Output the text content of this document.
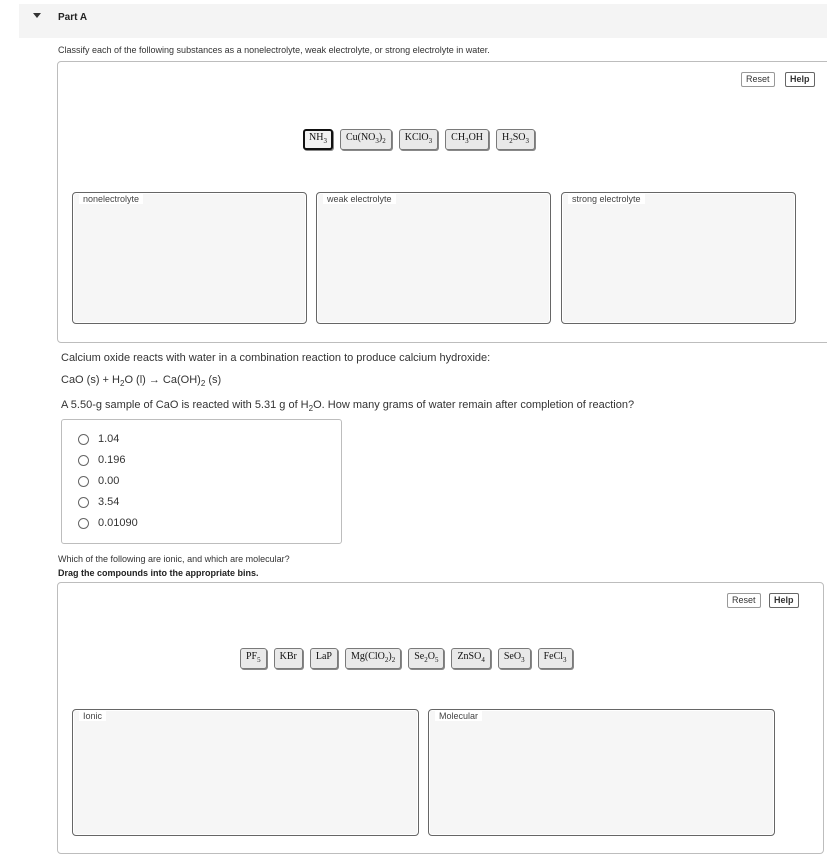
Part A
Classify each of the following substances as a nonelectrolyte, weak electrolyte, or strong electrolyte in water.
Reset	Help
$NH_3$	$Cu(NO_3)_2$	KClO$_3$	$CH_3OH$	$H_2SO_3$
nonelectrolyte	weak electrolyte	strong electrolyte
Calcium oxide reacts with water in a combination reaction to produce calcium hydroxide:
CaO $(s) + H_2O$ $(l) \to Ca(OH)_2$ (s)
A 5.50-g sample of CaO is reacted with 5.31 g of $H_2O$. How many grams of water remain after completion of reaction?
1.04
0.196
0.00
3.54
0.01090
Which of the following are ionic, and which are molecular?
Drag the compounds into the appropriate bins.
Reset	Help
$PF_5$	KBr	LaP	$Mg(ClO_2)_2$	$Se_2O_5$	ZnSO$_4$	SeO$_3$	FeCl$_3$
Ionic	Molecular
